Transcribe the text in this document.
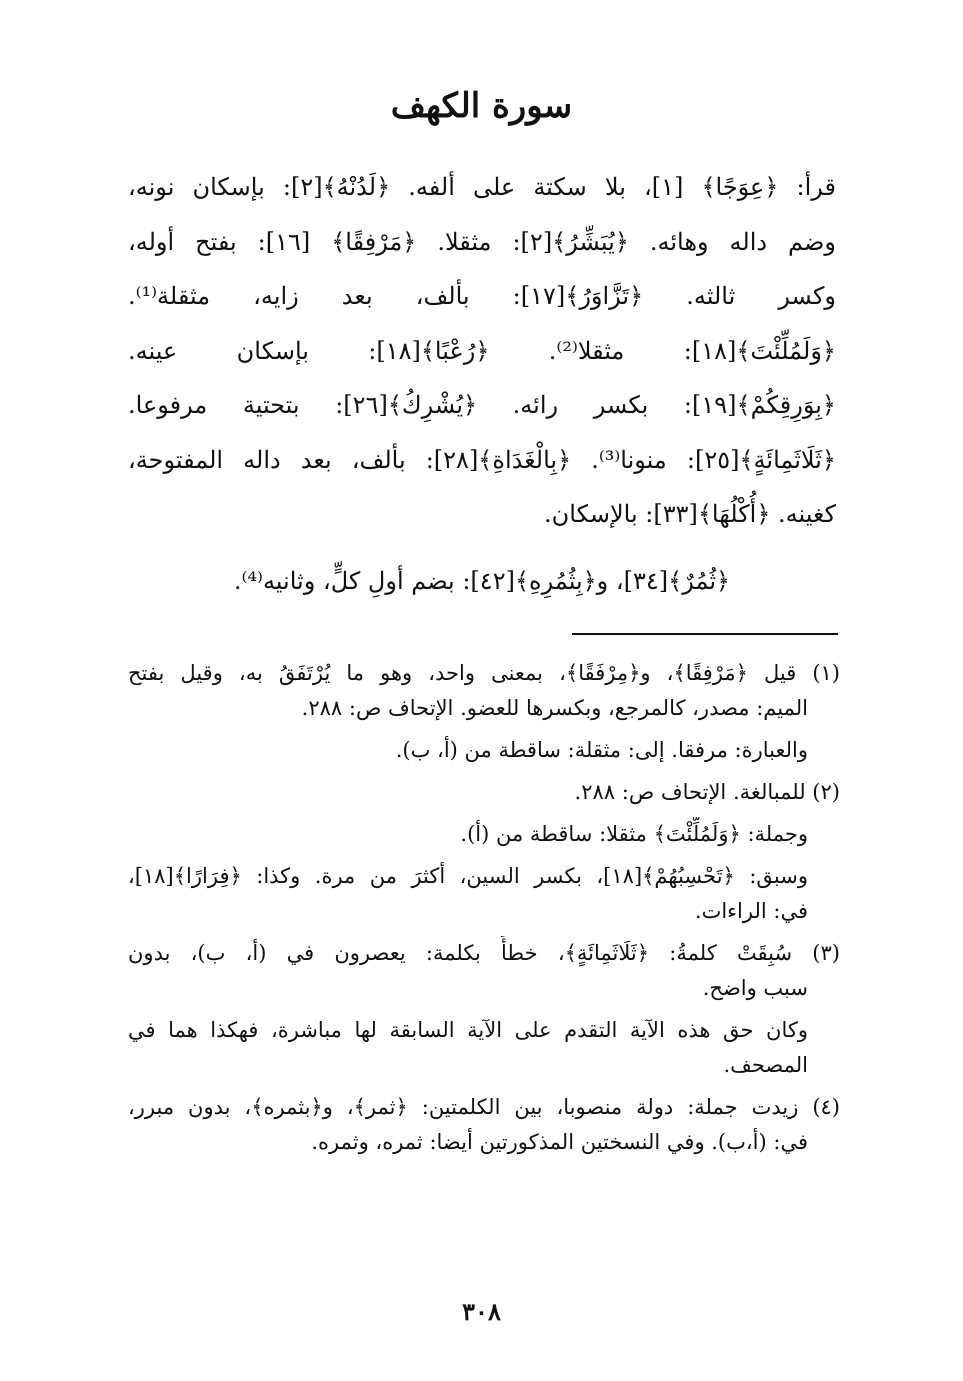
سورة الكهف
قرأ: ﴿عِوَجًا﴾ [١]، بلا سكتة على ألفه. ﴿لَدُنْهُ﴾[٢]: بإسكان نونه،
وضم داله وهائه. ﴿يُبَشِّرُ﴾[٢]: مثقلا. ﴿مَرْفِقًا﴾ [١٦]: بفتح أوله،
وكسر ثالثه. ﴿تَزَّاوَرُ﴾[١٧]: بألف، بعد زايه، مثقلة⁽¹⁾.
﴿وَلَمُلِّئْتَ﴾[١٨]: مثقلا⁽²⁾. ﴿رُعْبًا﴾[١٨]: بإسكان عينه.
﴿بِوَرِقِكُمْ﴾[١٩]: بكسر رائه. ﴿يُشْرِكُ﴾[٢٦]: بتحتية مرفوعا.
﴿ثَلَاثَمِائَةٍ﴾[٢٥]: منونا⁽³⁾. ﴿بِالْغَدَاةِ﴾[٢٨]: بألف، بعد داله المفتوحة،
كغينه. ﴿أُكْلُهَا﴾[٣٣]: بالإسكان.
﴿ثُمُرٌ﴾[٣٤]، و﴿بِثُمُرِهِ﴾[٤٢]: بضم أولِ كلٍّ، وثانيه⁽⁴⁾.
(١) قيل ﴿مَرْفِقًا﴾، و﴿مِرْفَقًا﴾، بمعنى واحد، وهو ما يُرْتَفَقُ به، وقيل بفتح
الميم: مصدر، كالمرجع، وبكسرها للعضو. الإتحاف ص: ٢٨٨.
والعبارة: مرفقا. إلى: مثقلة: ساقطة من (أ، ب).
(٢) للمبالغة. الإتحاف ص: ٢٨٨.
وجملة: ﴿وَلَمُلِّئْتَ﴾ مثقلا: ساقطة من (أ).
وسبق: ﴿تَحْسِبُهُمْ﴾[١٨]، بكسر السين، أكثرَ من مرة. وكذا: ﴿فِرَارًا﴾[١٨]،
في: الراءات.
(٣) سُبِقَتْ كلمةُ: ﴿ثَلَاثَمِائَةٍ﴾، خطأً بكلمة: يعصرون في (أ، ب)، بدون
سبب واضح.
وكان حق هذه الآية التقدم على الآية السابقة لها مباشرة، فهكذا هما في
المصحف.
(٤) زيدت جملة: دولة منصوبا، بين الكلمتين: ﴿ثمر﴾، و﴿بثمره﴾، بدون مبرر،
في: (أ،ب). وفي النسختين المذكورتين أيضا: ثمره، وثمره.
٣٠٨
